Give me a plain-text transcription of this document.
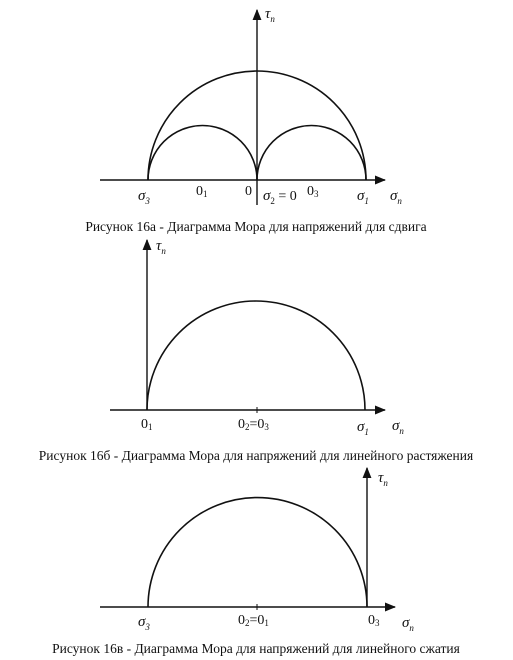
$\tau_n$
$\sigma_n$
$\sigma_3$
01	0 $\sigma_2 = 0$ 03	$\sigma_1$
Рисунок 16а - Диаграмма Мора для напряжений для сдвига
$\tau_n$
$\sigma_n$
01	02=03	$\sigma_1$
Рисунок 16б - Диаграмма Мора для напряжений для линейного растяжения
$\tau_n$
$\sigma_n$
$\sigma_3$	02=01	03
Рисунок 16в - Диаграмма Мора для напряжений для линейного сжатия
